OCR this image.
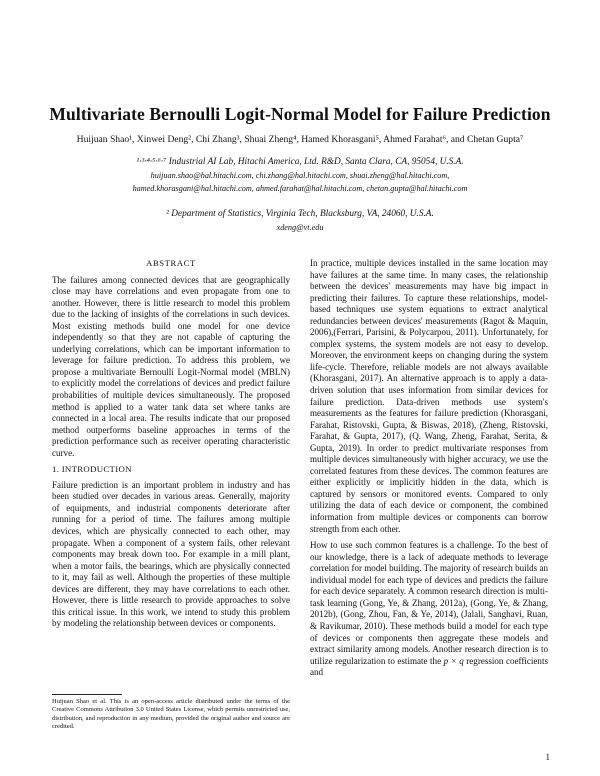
Multivariate Bernoulli Logit-Normal Model for Failure Prediction
Huijuan Shao¹, Xinwei Deng², Chi Zhang³, Shuai Zheng⁴, Hamed Khorasgani⁵, Ahmed Farahat⁶, and Chetan Gupta⁷
¹·³·⁴·⁵·⁶·⁷ Industrial AI Lab, Hitachi America, Ltd. R&D, Santa Clara, CA, 95054, U.S.A.
huijuan.shao@hal.hitachi.com, chi.zhang@hal.hitachi.com, shuai.zheng@hal.hitachi.com,
hamed.khorasgani@hal.hitachi.com, ahmed.farahat@hal.hitachi.com, chetan.gupta@hal.hitachi.com
² Department of Statistics, Virginia Tech, Blacksburg, VA, 24060, U.S.A.
xdeng@vt.edu
ABSTRACT

The failures among connected devices that are geographically close may have correlations and even propagate from one to another. However, there is little research to model this problem due to the lacking of insights of the correlations in such devices. Most existing methods build one model for one device independently so that they are not capable of capturing the underlying correlations, which can be important information to leverage for failure prediction. To address this problem, we propose a multivariate Bernoulli Logit-Normal model (MBLN) to explicitly model the correlations of devices and predict failure probabilities of multiple devices simultaneously. The proposed method is applied to a water tank data set where tanks are connected in a local area. The results indicate that our proposed method outperforms baseline approaches in terms of the prediction performance such as receiver operating characteristic curve.

1. INTRODUCTION

Failure prediction is an important problem in industry and has been studied over decades in various areas. Generally, majority of equipments, and industrial components deteriorate after running for a period of time. The failures among multiple devices, which are physically connected to each other, may propagate. When a component of a system fails, other relevant components may break down too. For example in a mill plant, when a motor fails, the bearings, which are physically connected to it, may fail as well. Although the properties of these multiple devices are different, they may have correlations to each other. However, there is little research to provide approaches to solve this critical issue. In this work, we intend to study this problem by modeling the relationship between devices or components.

In practice, multiple devices installed in the same location may have failures at the same time. In many cases, the relationship between the devices' measurements may have big impact in predicting their failures. To capture these relationships, model-based techniques use system equations to extract analytical redundancies between devices' measurements (Ragot & Maquin, 2006),(Ferrari, Parisini, & Polycarpou, 2011). Unfortunately, for complex systems, the system models are not easy to develop. Moreover, the environment keeps on changing during the system life-cycle. Therefore, reliable models are not always available (Khorasgani, 2017). An alternative approach is to apply a data-driven solution that uses information from similar devices for failure prediction. Data-driven methods use system's measurements as the features for failure prediction (Khorasgani, Farahat, Ristovski, Gupta, & Biswas, 2018), (Zheng, Ristovski, Farahat, & Gupta, 2017), (Q. Wang, Zheng, Farahat, Serita, & Gupta, 2019). In order to predict multivariate responses from multiple devices simultaneously with higher accuracy, we use the correlated features from these devices. The common features are either explicitly or implicitly hidden in the data, which is captured by sensors or monitored events. Compared to only utilizing the data of each device or component, the combined information from multiple devices or components can borrow strength from each other.

How to use such common features is a challenge. To the best of our knowledge, there is a lack of adequate methods to leverage correlation for model building. The majority of research builds an individual model for each type of devices and predicts the failure for each device separately. A common research direction is multi-task learning (Gong, Ye, & Zhang, 2012a), (Gong, Ye, & Zhang, 2012b), (Gong, Zhou, Fan, & Ye, 2014), (Jalali, Sanghavi, Ruan, & Ravikumar, 2010). These methods build a model for each type of devices or components then aggregate these models and extract similarity among models. Another research direction is to utilize regularization to estimate the p × q regression coefficients and

Huijuan Shao et al. This is an open-access article distributed under the terms of the Creative Commons Attribution 3.0 United States License, which permits unrestricted use, distribution, and reproduction in any medium, provided the original author and source are credited.
1
